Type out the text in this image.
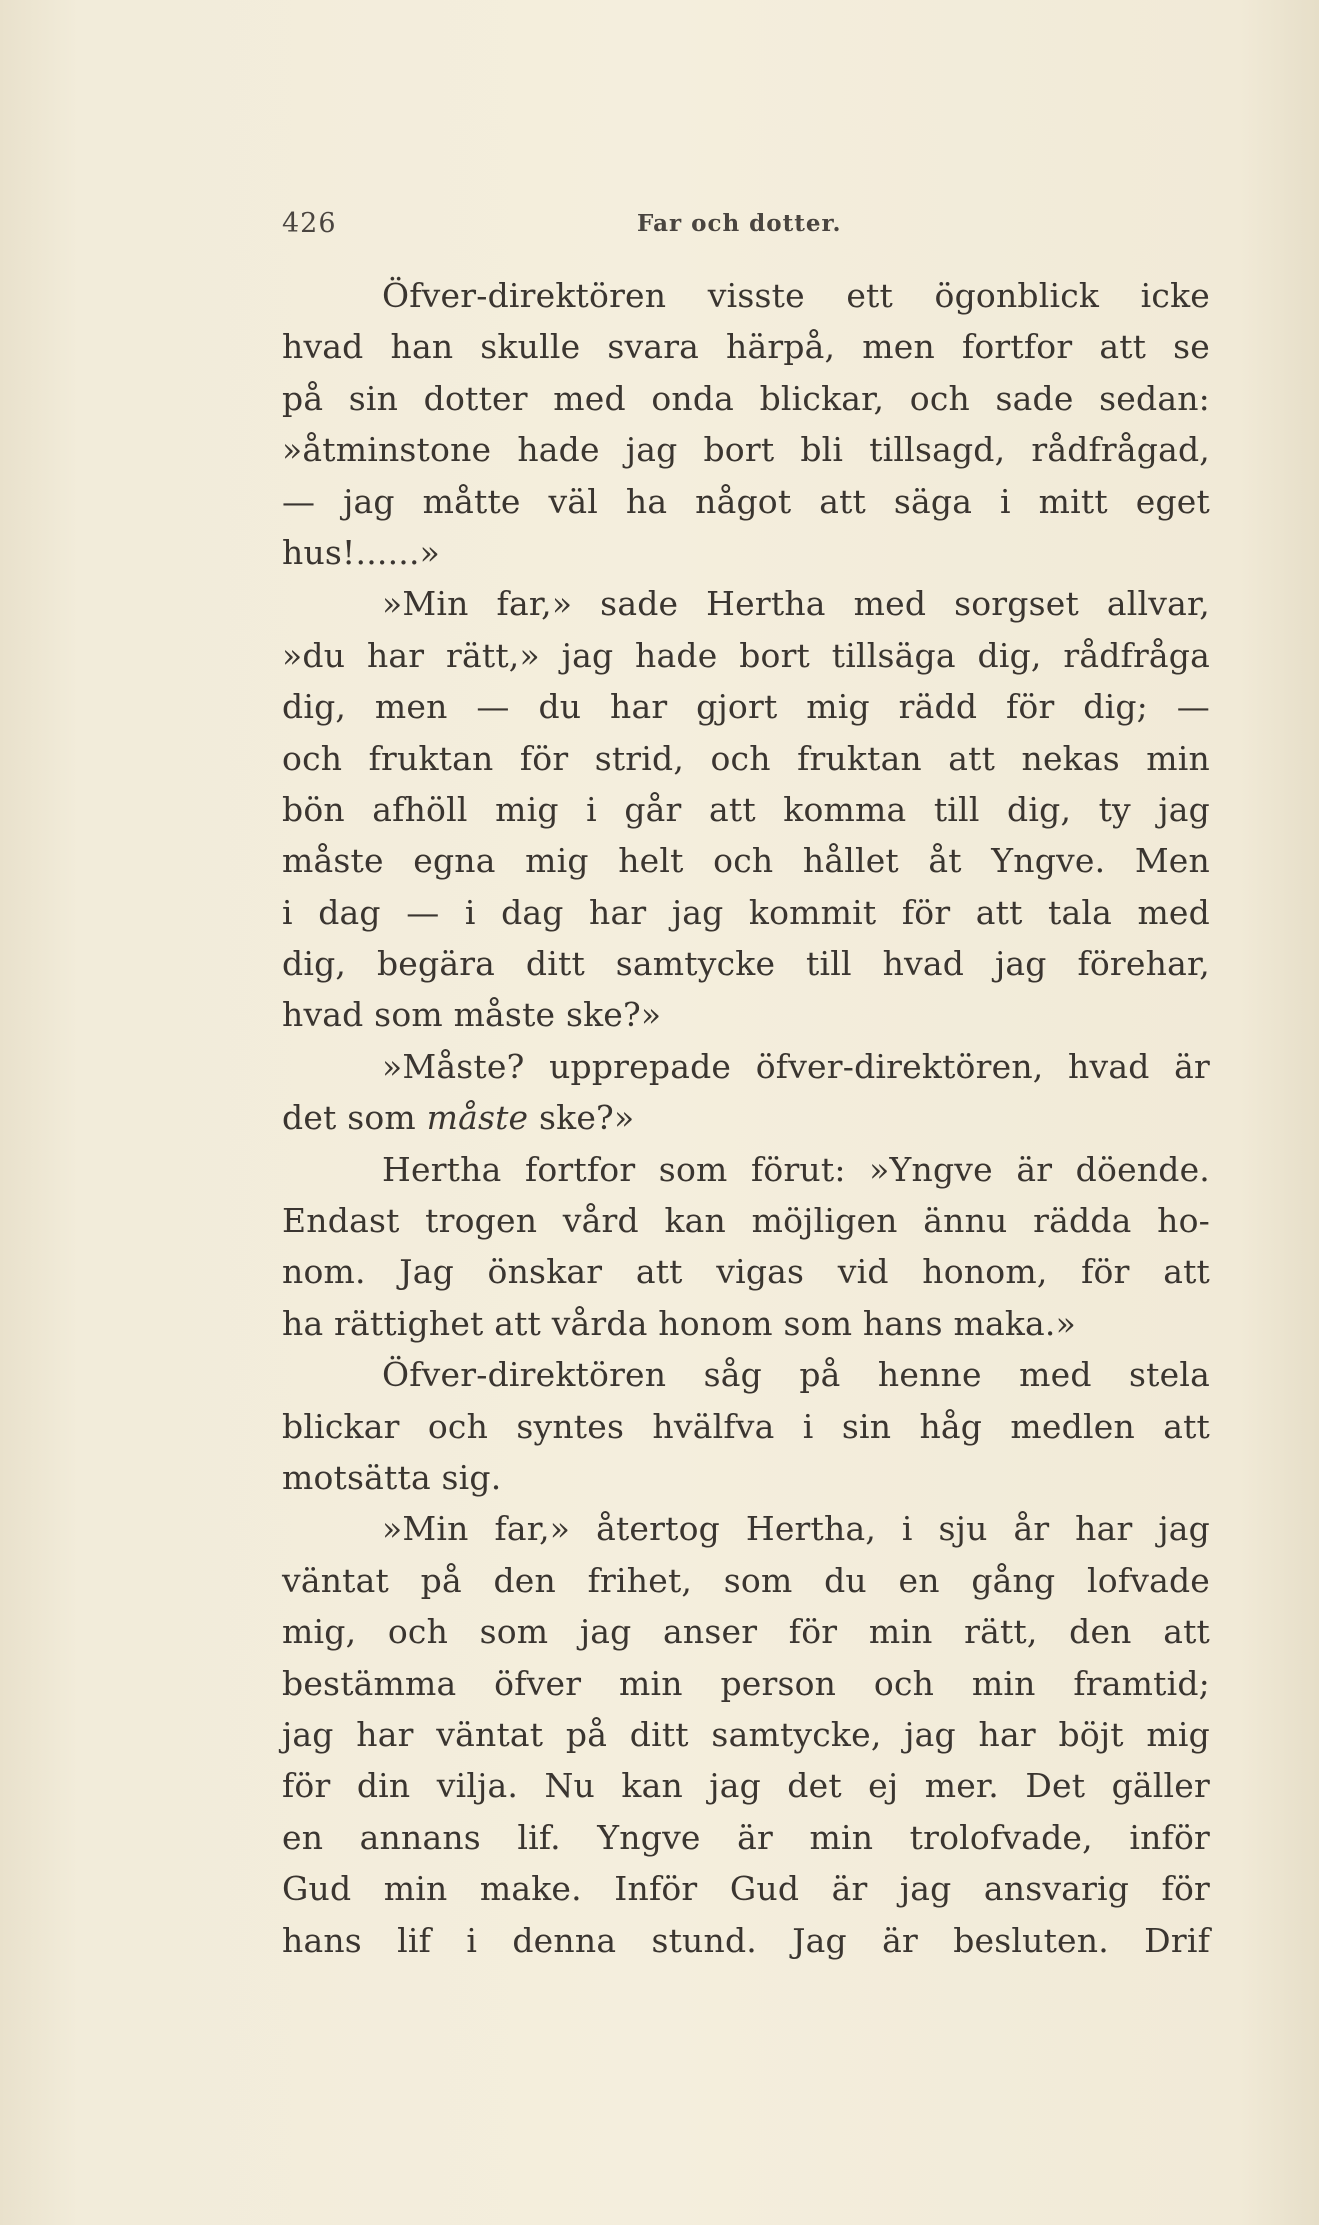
426	Far och dotter.
Öfver-direktören visste ett ögonblick icke
hvad han skulle svara härpå, men fortfor att se
på sin dotter med onda blickar, och sade sedan:
»åtminstone hade jag bort bli tillsagd, rådfrågad,
— jag måtte väl ha något att säga i mitt eget
hus!......»
»Min far,» sade Hertha med sorgset allvar,
»du har rätt,» jag hade bort tillsäga dig, rådfråga
dig, men — du har gjort mig rädd för dig; —
och fruktan för strid, och fruktan att nekas min
bön afhöll mig i går att komma till dig, ty jag
måste egna mig helt och hållet åt Yngve. Men
i dag — i dag har jag kommit för att tala med
dig, begära ditt samtycke till hvad jag förehar,
hvad som måste ske?»
»Måste? upprepade öfver-direktören, hvad är
det som måste ske?»
Hertha fortfor som förut: »Yngve är döende.
Endast trogen vård kan möjligen ännu rädda ho-
nom. Jag önskar att vigas vid honom, för att
ha rättighet att vårda honom som hans maka.»
Öfver-direktören såg på henne med stela
blickar och syntes hvälfva i sin håg medlen att
motsätta sig.
»Min far,» återtog Hertha, i sju år har jag
väntat på den frihet, som du en gång lofvade
mig, och som jag anser för min rätt, den att
bestämma öfver min person och min framtid;
jag har väntat på ditt samtycke, jag har böjt mig
för din vilja. Nu kan jag det ej mer. Det gäller
en annans lif. Yngve är min trolofvade, inför
Gud min make. Inför Gud är jag ansvarig för
hans lif i denna stund. Jag är besluten. Drif
